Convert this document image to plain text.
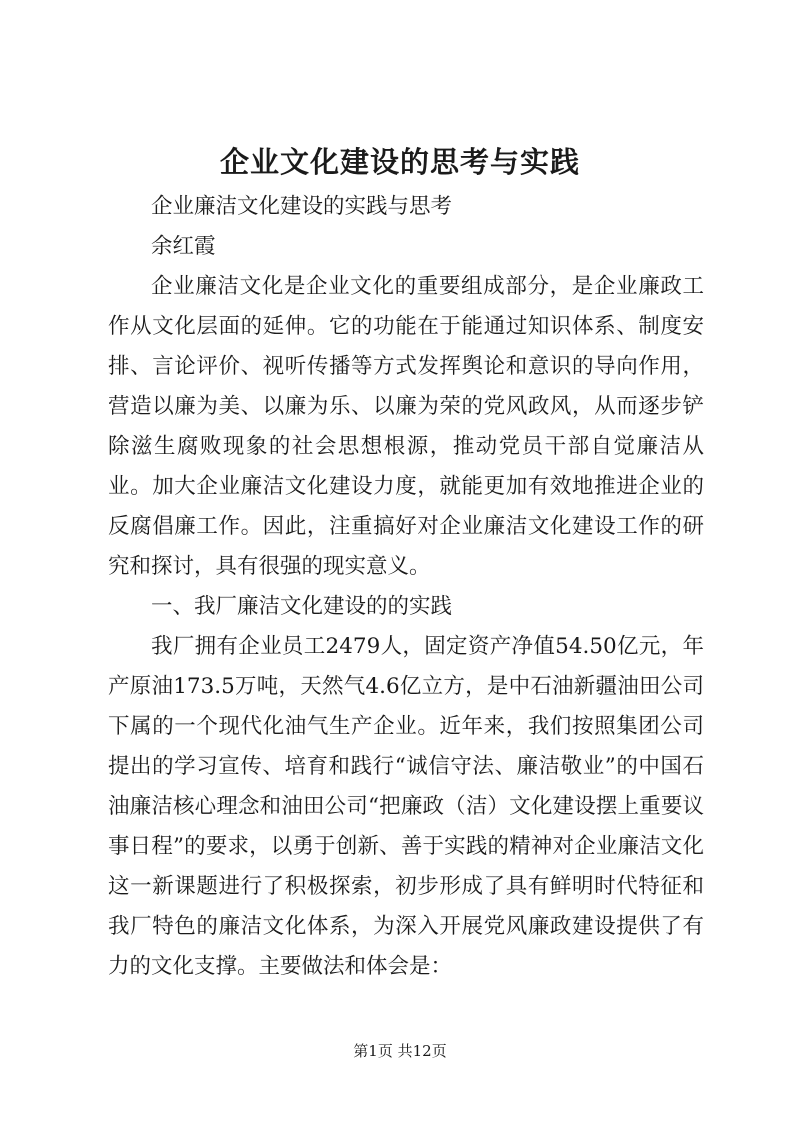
企业文化建设的思考与实践

企业廉洁文化建设的实践与思考

余红霞

企业廉洁文化是企业文化的重要组成部分，是企业廉政工作从文化层面的延伸。它的功能在于能通过知识体系、制度安排、言论评价、视听传播等方式发挥舆论和意识的导向作用，营造以廉为美、以廉为乐、以廉为荣的党风政风，从而逐步铲除滋生腐败现象的社会思想根源，推动党员干部自觉廉洁从业。加大企业廉洁文化建设力度，就能更加有效地推进企业的反腐倡廉工作。因此，注重搞好对企业廉洁文化建设工作的研究和探讨，具有很强的现实意义。

一、我厂廉洁文化建设的的实践

我厂拥有企业员工2479人，固定资产净值54.50亿元，年产原油173.5万吨，天然气4.6亿立方，是中石油新疆油田公司下属的一个现代化油气生产企业。近年来，我们按照集团公司提出的学习宣传、培育和践行“诚信守法、廉洁敬业”的中国石油廉洁核心理念和油田公司“把廉政（洁）文化建设摆上重要议事日程”的要求，以勇于创新、善于实践的精神对企业廉洁文化这一新课题进行了积极探索，初步形成了具有鲜明时代特征和我厂特色的廉洁文化体系，为深入开展党风廉政建设提供了有力的文化支撑。主要做法和体会是：

第1页 共12页
